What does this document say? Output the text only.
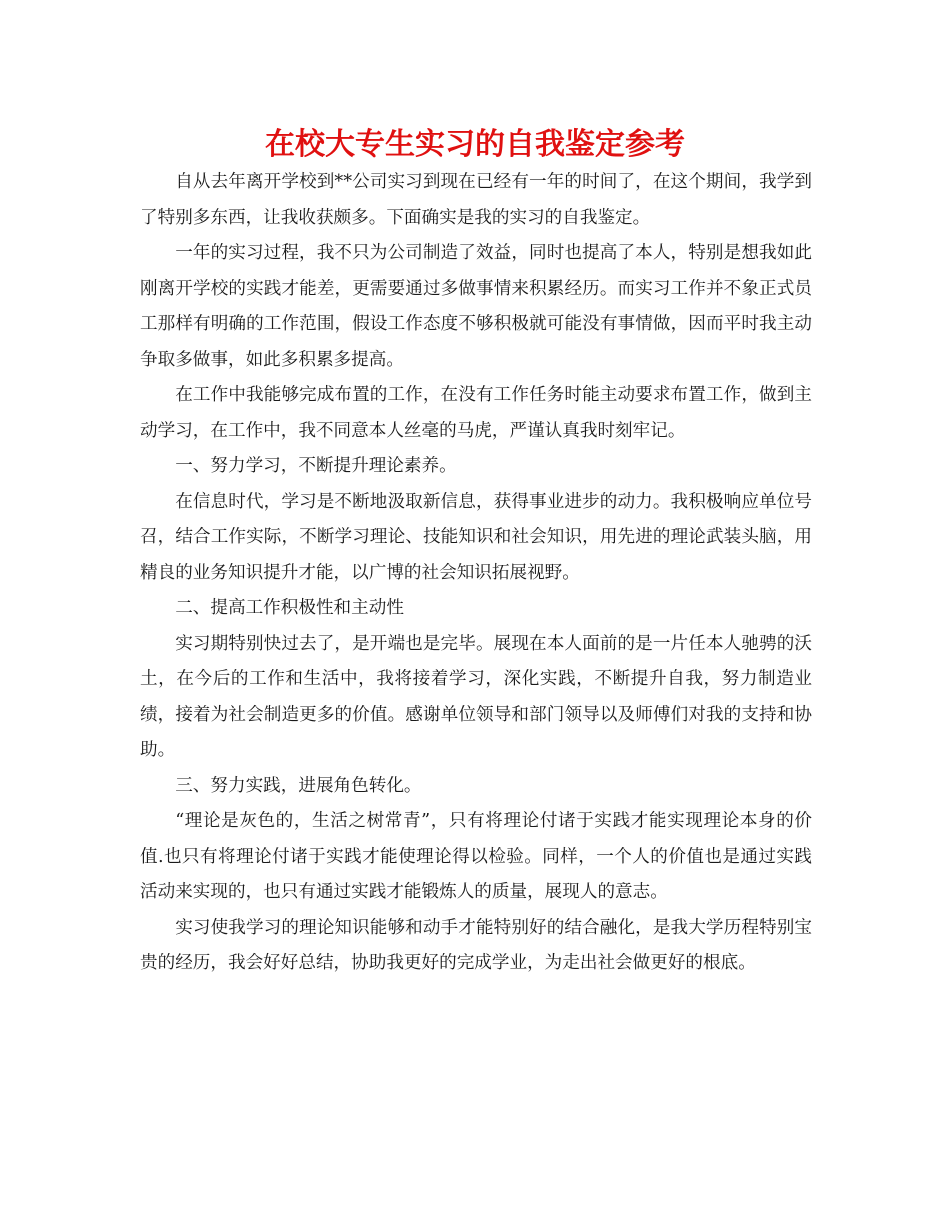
在校大专生实习的自我鉴定参考

自从去年离开学校到**公司实习到现在已经有一年的时间了，在这个期间，我学到了特别多东西，让我收获颇多。下面确实是我的实习的自我鉴定。

一年的实习过程，我不只为公司制造了效益，同时也提高了本人，特别是想我如此刚离开学校的实践才能差，更需要通过多做事情来积累经历。而实习工作并不象正式员工那样有明确的工作范围，假设工作态度不够积极就可能没有事情做，因而平时我主动争取多做事，如此多积累多提高。

在工作中我能够完成布置的工作，在没有工作任务时能主动要求布置工作，做到主动学习，在工作中，我不同意本人丝毫的马虎，严谨认真我时刻牢记。

一、努力学习，不断提升理论素养。

在信息时代，学习是不断地汲取新信息，获得事业进步的动力。我积极响应单位号召，结合工作实际，不断学习理论、技能知识和社会知识，用先进的理论武装头脑，用精良的业务知识提升才能，以广博的社会知识拓展视野。

二、提高工作积极性和主动性

实习期特别快过去了，是开端也是完毕。展现在本人面前的是一片任本人驰骋的沃土，在今后的工作和生活中，我将接着学习，深化实践，不断提升自我，努力制造业绩，接着为社会制造更多的价值。感谢单位领导和部门领导以及师傅们对我的支持和协助。

三、努力实践，进展角色转化。

“理论是灰色的，生活之树常青”，只有将理论付诸于实践才能实现理论本身的价值.也只有将理论付诸于实践才能使理论得以检验。同样，一个人的价值也是通过实践活动来实现的，也只有通过实践才能锻炼人的质量，展现人的意志。

实习使我学习的理论知识能够和动手才能特别好的结合融化，是我大学历程特别宝贵的经历，我会好好总结，协助我更好的完成学业，为走出社会做更好的根底。
